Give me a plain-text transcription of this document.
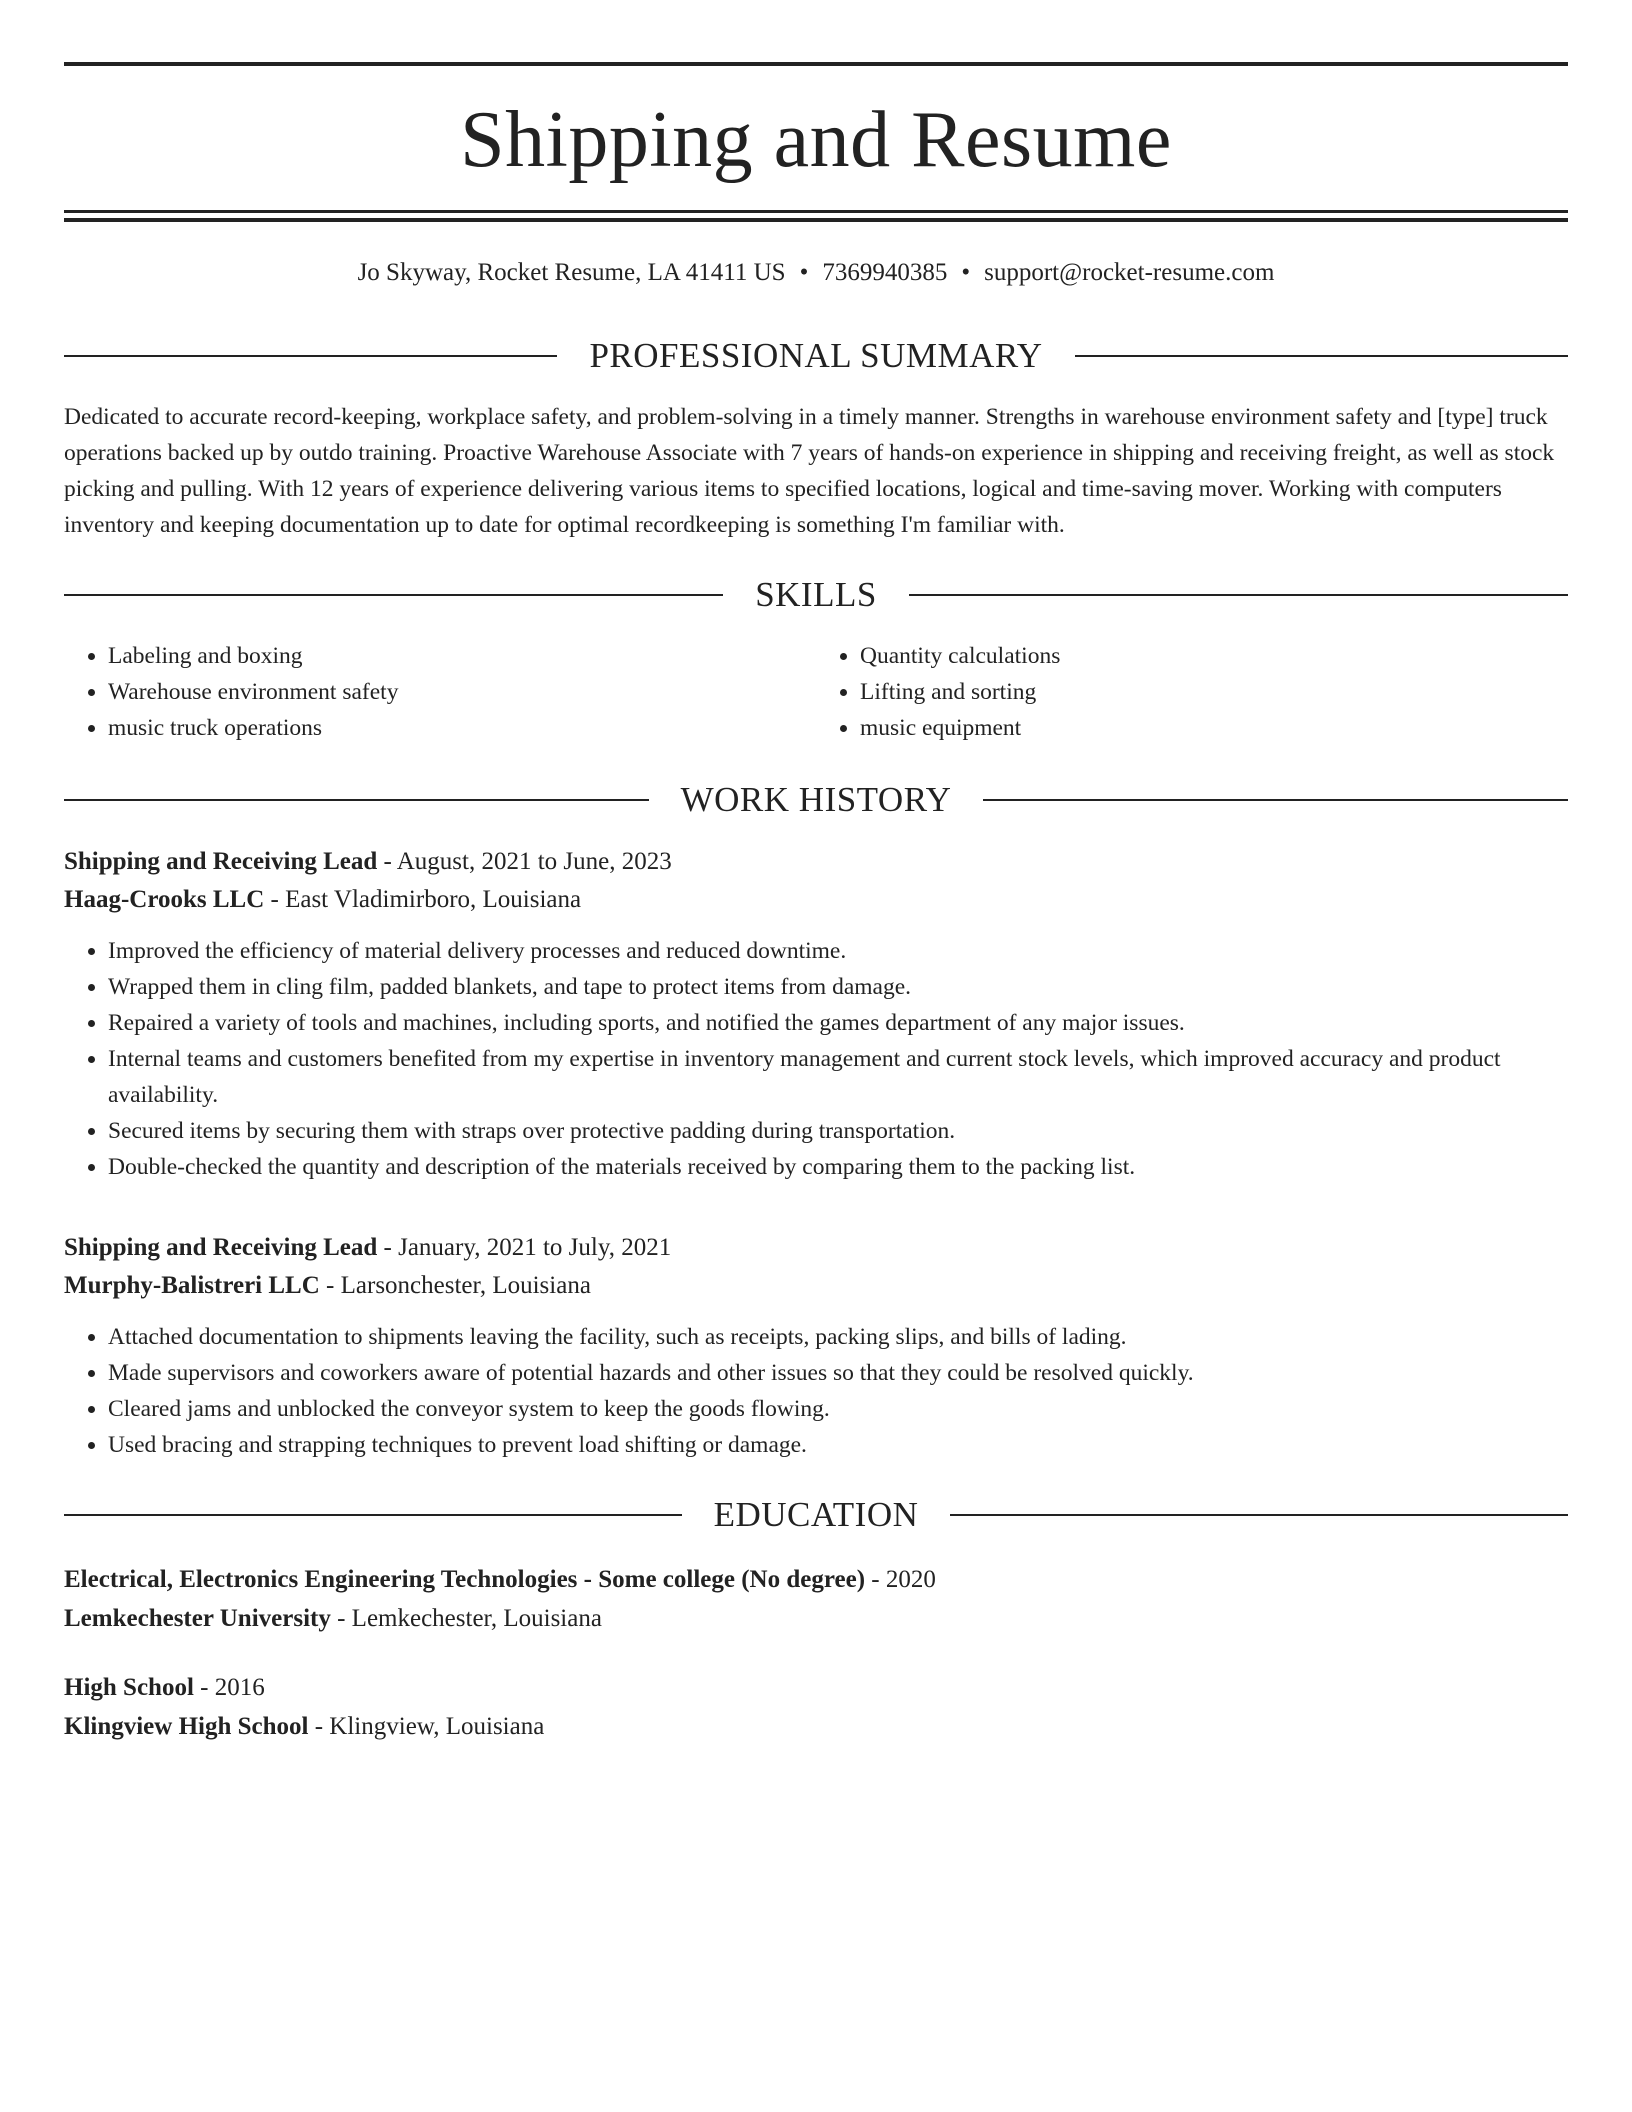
Shipping and Resume
Jo Skyway, Rocket Resume, LA 41411 US • 7369940385 • support@rocket-resume.com
PROFESSIONAL SUMMARY

Dedicated to accurate record-keeping, workplace safety, and problem-solving in a timely manner. Strengths in warehouse environment safety and [type] truck operations backed up by outdo training. Proactive Warehouse Associate with 7 years of hands-on experience in shipping and receiving freight, as well as stock picking and pulling. With 12 years of experience delivering various items to specified locations, logical and time-saving mover. Working with computers inventory and keeping documentation up to date for optimal recordkeeping is something I'm familiar with.

SKILLS
• Labeling and boxing
• Warehouse environment safety
• music truck operations
• Quantity calculations
• Lifting and sorting
• music equipment
WORK HISTORY
Shipping and Receiving Lead - August, 2021 to June, 2023
Haag-Crooks LLC - East Vladimirboro, Louisiana
• Improved the efficiency of material delivery processes and reduced downtime.
• Wrapped them in cling film, padded blankets, and tape to protect items from damage.
• Repaired a variety of tools and machines, including sports, and notified the games department of any major issues.
• Internal teams and customers benefited from my expertise in inventory management and current stock levels, which improved accuracy and product availability.
• Secured items by securing them with straps over protective padding during transportation.
• Double-checked the quantity and description of the materials received by comparing them to the packing list.
Shipping and Receiving Lead - January, 2021 to July, 2021
Murphy-Balistreri LLC - Larsonchester, Louisiana
• Attached documentation to shipments leaving the facility, such as receipts, packing slips, and bills of lading.
• Made supervisors and coworkers aware of potential hazards and other issues so that they could be resolved quickly.
• Cleared jams and unblocked the conveyor system to keep the goods flowing.
• Used bracing and strapping techniques to prevent load shifting or damage.
EDUCATION
Electrical, Electronics Engineering Technologies - Some college (No degree) - 2020
Lemkechester University - Lemkechester, Louisiana
High School - 2016
Klingview High School - Klingview, Louisiana
